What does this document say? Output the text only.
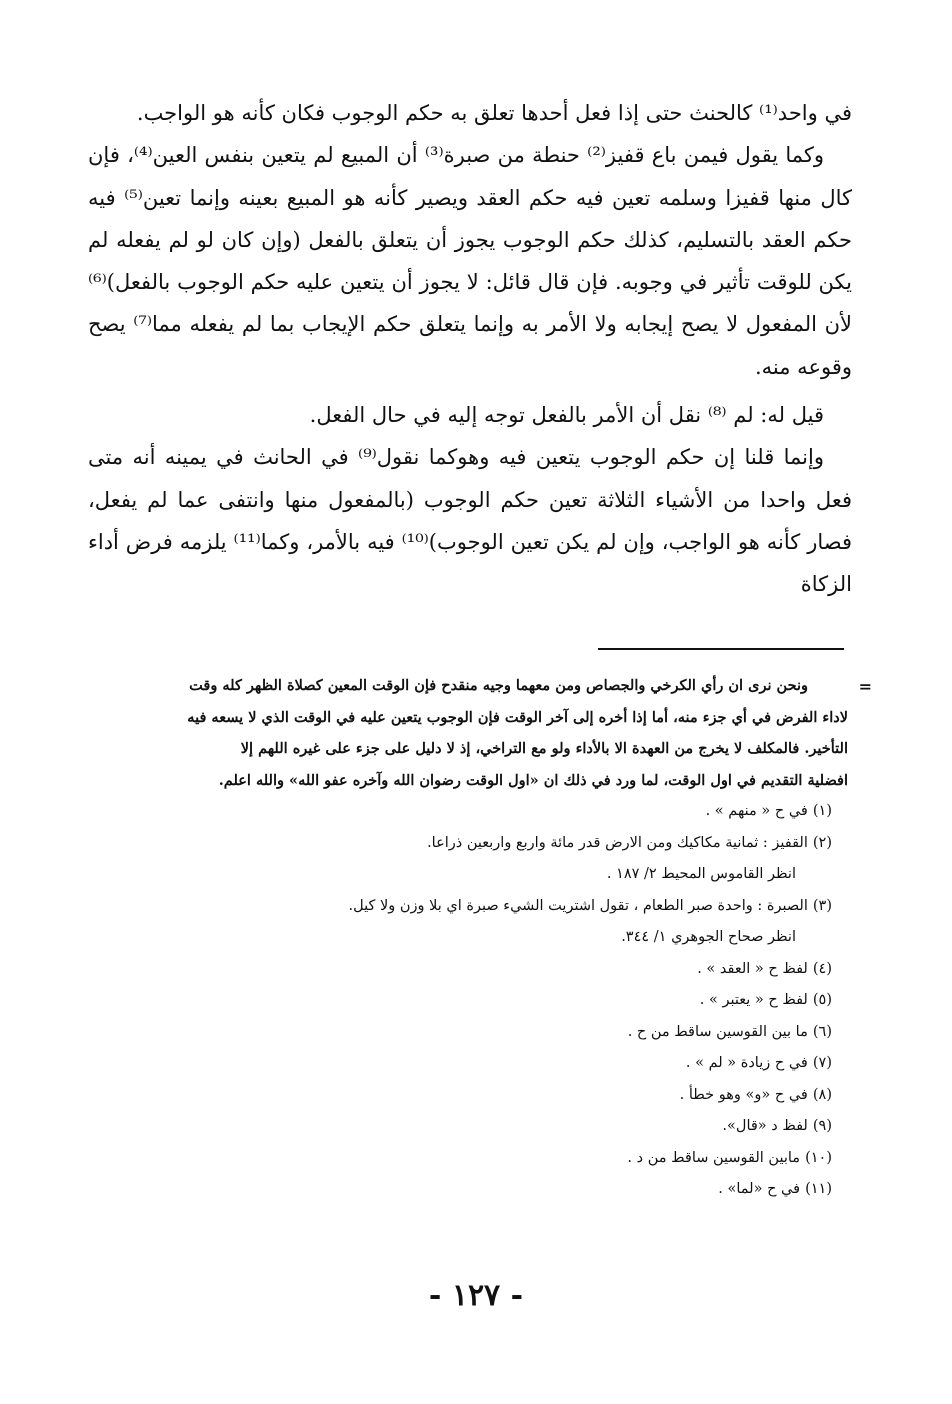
في واحد⁽¹⁾ كالحنث حتى إذا فعل أحدها تعلق به حكم الوجوب فكان كأنه هو الواجب.

وكما يقول فيمن باع قفيز⁽²⁾ حنطة من صبرة⁽³⁾ أن المبيع لم يتعين بنفس العين⁽⁴⁾، فإن كال منها قفيزا وسلمه تعين فيه حكم العقد ويصير كأنه هو المبيع بعينه وإنما تعين⁽⁵⁾ فيه حكم العقد بالتسليم، كذلك حكم الوجوب يجوز أن يتعلق بالفعل (وإن كان لو لم يفعله لم يكن للوقت تأثير في وجوبه. فإن قال قائل: لا يجوز أن يتعين عليه حكم الوجوب بالفعل)⁽⁶⁾ لأن المفعول لا يصح إيجابه ولا الأمر به وإنما يتعلق حكم الإيجاب بما لم يفعله مما⁽⁷⁾ يصح وقوعه منه.

قيل له: لم ⁽⁸⁾ نقل أن الأمر بالفعل توجه إليه في حال الفعل.

وإنما قلنا إن حكم الوجوب يتعين فيه وهوكما نقول⁽⁹⁾ في الحانث في يمينه أنه متى فعل واحدا من الأشياء الثلاثة تعين حكم الوجوب (بالمفعول منها وانتفى عما لم يفعل، فصار كأنه هو الواجب، وإن لم يكن تعين الوجوب)⁽¹⁰⁾ فيه بالأمر، وكما⁽¹¹⁾ يلزمه فرض أداء الزكاة

=

ونحن نرى ان رأي الكرخي والجصاص ومن معهما وجيه منقدح فإن الوقت المعين كصلاة الظهر كله وقت

لاداء الفرض في أي جزء منه، أما إذا أخره إلى آخر الوقت فإن الوجوب يتعين عليه في الوقت الذي لا يسعه فيه

التأخير. فالمكلف لا يخرج من العهدة الا بالأداء ولو مع التراخي، إذ لا دليل على جزء على غيره اللهم إلا

افضلية التقديم في اول الوقت، لما ورد في ذلك ان «اول الوقت رضوان الله وآخره عفو الله» والله اعلم.

(١)في ح « منهم » .

(٢)القفيز : ثمانية مكاكيك ومن الارض قدر مائة واربع واربعين ذراعا.

انظر القاموس المحيط ٢/ ١٨٧ .

(٣)الصبرة : واحدة صبر الطعام ، تقول اشتريت الشيء صبرة اي بلا وزن ولا كيل.

انظر صحاح الجوهري ١/ ٣٤٤.

(٤)لفظ ح « العقد » .

(٥)لفظ ح « يعتبر » .

(٦)ما بين القوسين ساقط من ح .

(٧)في ح زيادة « لم » .

(٨)في ح «و» وهو خطأ .

(٩)لفظ د «قال».

(١٠)مابين القوسين ساقط من د .

(١١)في ح «لما» .

- ١٢٧ -
